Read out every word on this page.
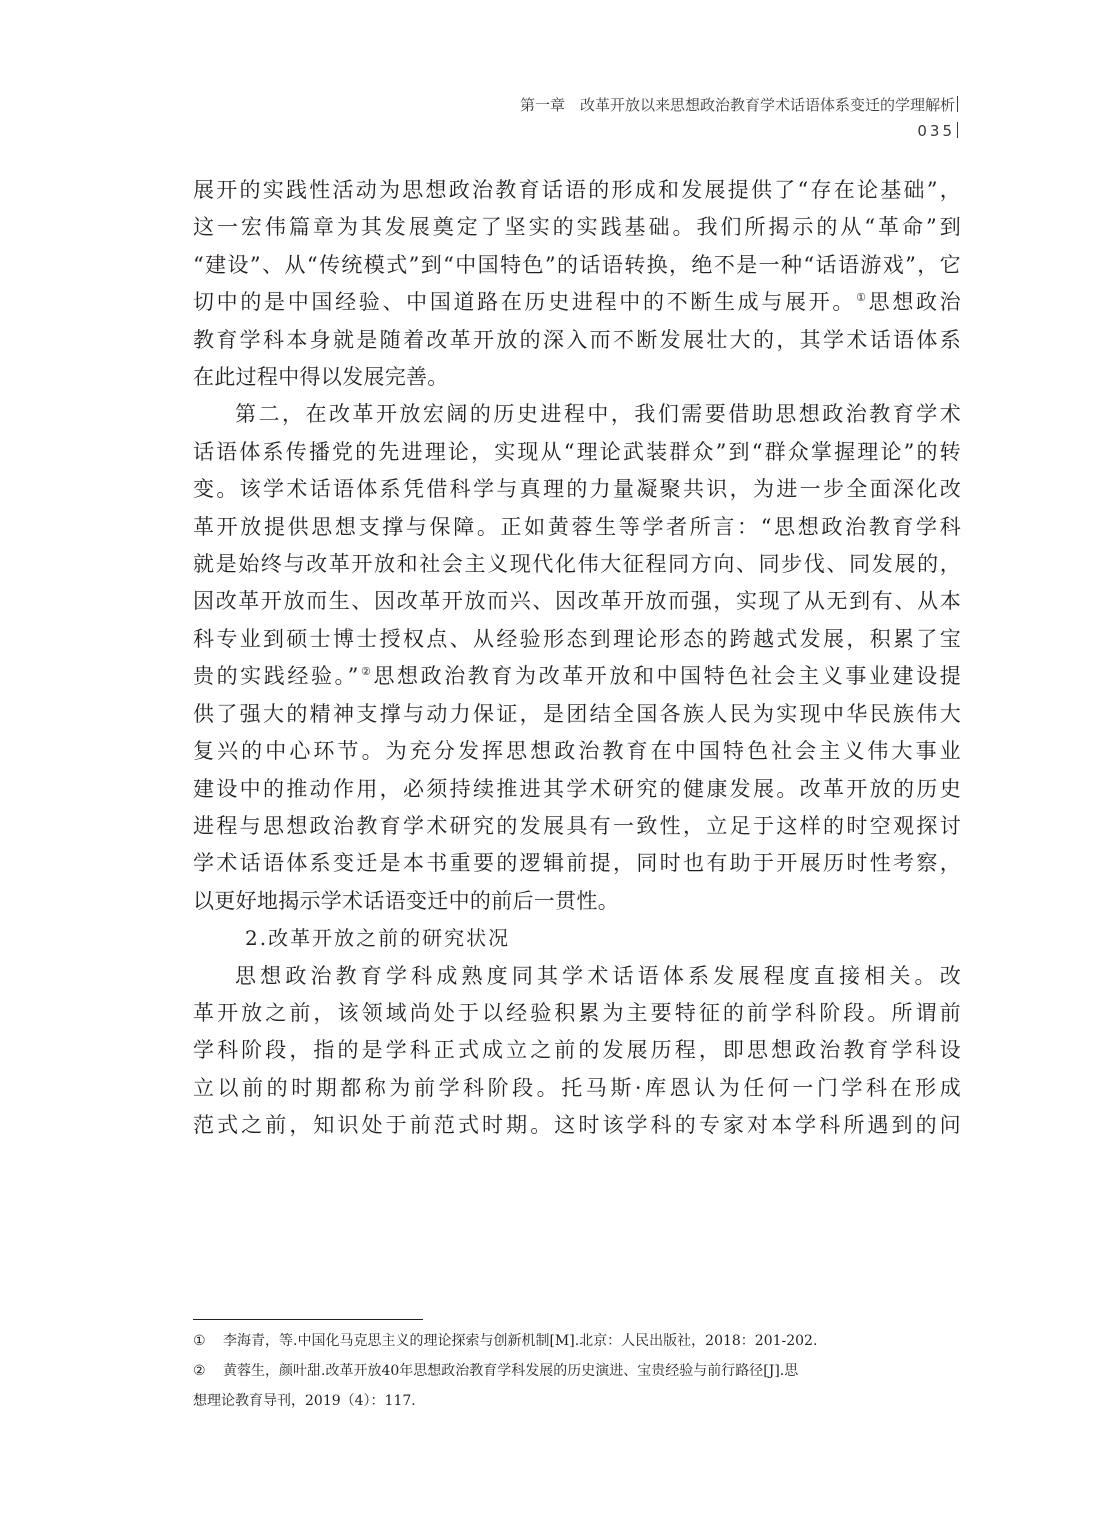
第一章　改革开放以来思想政治教育学术话语体系变迁的学理解析
035

展开的实践性活动为思想政治教育话语的形成和发展提供了“存在论基础”，
这一宏伟篇章为其发展奠定了坚实的实践基础。我们所揭示的从“革命”到
“建设”、从“传统模式”到“中国特色”的话语转换，绝不是一种“话语游戏”，它
切中的是中国经验、中国道路在历史进程中的不断生成与展开。①思想政治
教育学科本身就是随着改革开放的深入而不断发展壮大的，其学术话语体系
在此过程中得以发展完善。

第二，在改革开放宏阔的历史进程中，我们需要借助思想政治教育学术
话语体系传播党的先进理论，实现从“理论武装群众”到“群众掌握理论”的转
变。该学术话语体系凭借科学与真理的力量凝聚共识，为进一步全面深化改
革开放提供思想支撑与保障。正如黄蓉生等学者所言：“思想政治教育学科
就是始终与改革开放和社会主义现代化伟大征程同方向、同步伐、同发展的，
因改革开放而生、因改革开放而兴、因改革开放而强，实现了从无到有、从本
科专业到硕士博士授权点、从经验形态到理论形态的跨越式发展，积累了宝
贵的实践经验。”②思想政治教育为改革开放和中国特色社会主义事业建设提
供了强大的精神支撑与动力保证，是团结全国各族人民为实现中华民族伟大
复兴的中心环节。为充分发挥思想政治教育在中国特色社会主义伟大事业
建设中的推动作用，必须持续推进其学术研究的健康发展。改革开放的历史
进程与思想政治教育学术研究的发展具有一致性，立足于这样的时空观探讨
学术话语体系变迁是本书重要的逻辑前提，同时也有助于开展历时性考察，
以更好地揭示学术话语变迁中的前后一贯性。

2.改革开放之前的研究状况

思想政治教育学科成熟度同其学术话语体系发展程度直接相关。改
革开放之前，该领域尚处于以经验积累为主要特征的前学科阶段。所谓前
学科阶段，指的是学科正式成立之前的发展历程，即思想政治教育学科设
立以前的时期都称为前学科阶段。托马斯·库恩认为任何一门学科在形成
范式之前，知识处于前范式时期。这时该学科的专家对本学科所遇到的问

① 李海青，等.中国化马克思主义的理论探索与创新机制[M].北京：人民出版社，2018：201-202.

② 黄蓉生，颜叶甜.改革开放40年思想政治教育学科发展的历史演进、宝贵经验与前行路径[J].思

想理论教育导刊，2019（4）：117.
